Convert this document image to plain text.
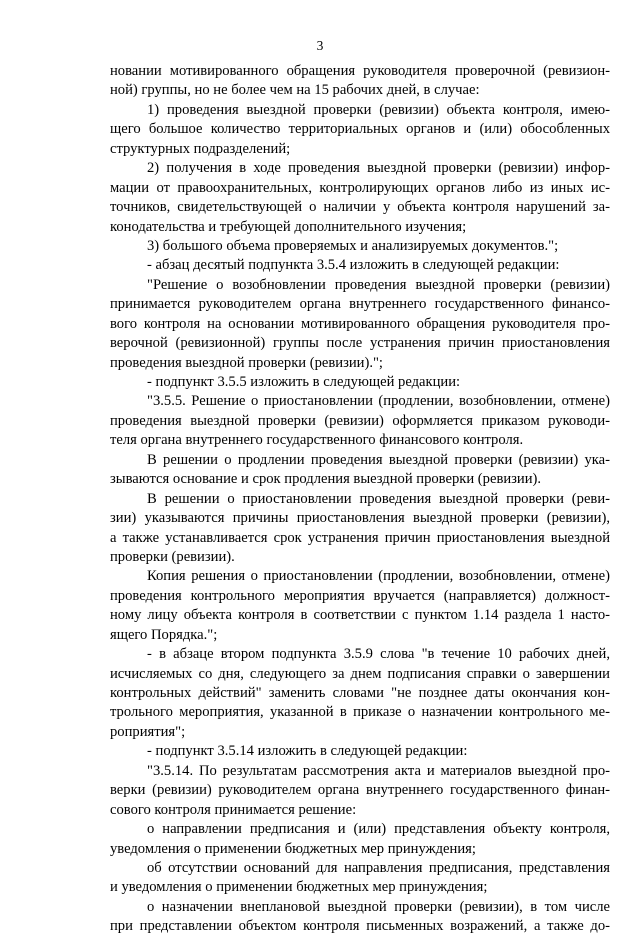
3
новании мотивированного обращения руководителя проверочной (ревизион-
ной) группы, но не более чем на 15 рабочих дней, в случае:
1) проведения выездной проверки (ревизии) объекта контроля, имею-
щего большое количество территориальных органов и (или) обособленных
структурных подразделений;
2) получения в ходе проведения выездной проверки (ревизии) инфор-
мации от правоохранительных, контролирующих органов либо из иных ис-
точников, свидетельствующей о наличии у объекта контроля нарушений за-
конодательства и требующей дополнительного изучения;
3) большого объема проверяемых и анализируемых документов.";
- абзац десятый подпункта 3.5.4 изложить в следующей редакции:
"Решение о возобновлении проведения выездной проверки (ревизии)
принимается руководителем органа внутреннего государственного финансо-
вого контроля на основании мотивированного обращения руководителя про-
верочной (ревизионной) группы после устранения причин приостановления
проведения выездной проверки (ревизии).";
- подпункт 3.5.5 изложить в следующей редакции:
"3.5.5. Решение о приостановлении (продлении, возобновлении, отмене)
проведения выездной проверки (ревизии) оформляется приказом руководи-
теля органа внутреннего государственного финансового контроля.
В решении о продлении проведения выездной проверки (ревизии) ука-
зываются основание и срок продления выездной проверки (ревизии).
В решении о приостановлении проведения выездной проверки (реви-
зии) указываются причины приостановления выездной проверки (ревизии),
а также устанавливается срок устранения причин приостановления выездной
проверки (ревизии).
Копия решения о приостановлении (продлении, возобновлении, отмене)
проведения контрольного мероприятия вручается (направляется) должност-
ному лицу объекта контроля в соответствии с пунктом 1.14 раздела 1 насто-
ящего Порядка.";
- в абзаце втором подпункта 3.5.9 слова "в течение 10 рабочих дней,
исчисляемых со дня, следующего за днем подписания справки о завершении
контрольных действий" заменить словами "не позднее даты окончания кон-
трольного мероприятия, указанной в приказе о назначении контрольного ме-
роприятия";
- подпункт 3.5.14 изложить в следующей редакции:
"3.5.14. По результатам рассмотрения акта и материалов выездной про-
верки (ревизии) руководителем органа внутреннего государственного финан-
сового контроля принимается решение:
о направлении предписания и (или) представления объекту контроля,
уведомления о применении бюджетных мер принуждения;
об отсутствии оснований для направления предписания, представления
и уведомления о применении бюджетных мер принуждения;
о назначении внеплановой выездной проверки (ревизии), в том числе
при представлении объектом контроля письменных возражений, а также до-
